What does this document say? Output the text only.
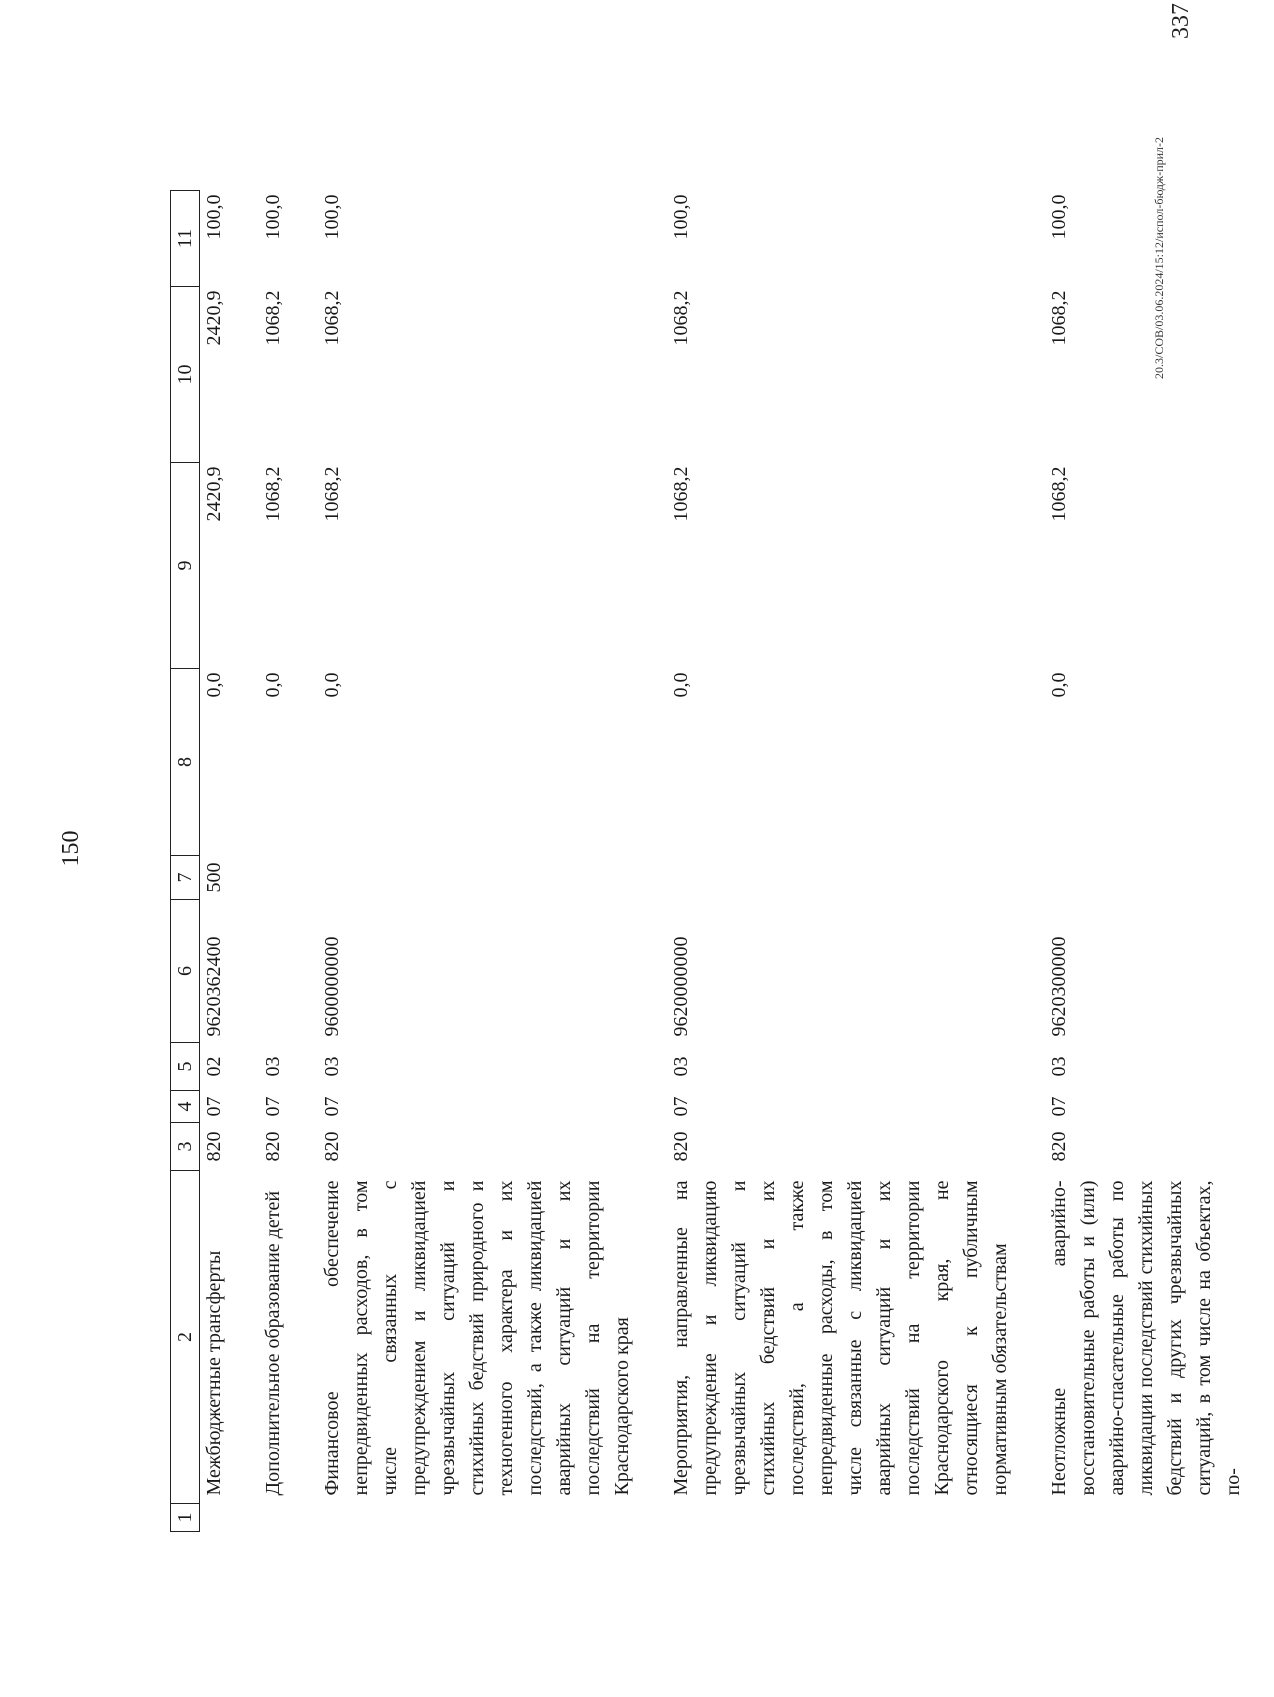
150
1	2	3	4	5	6	7	8	9	10	11
	Межбюджетные трансферты	820	07	02	9620362400	500	0,0	2420,9	2420,9	100,0
	Дополнительное образование детей	820	07	03			0,0	1068,2	1068,2	100,0
	Финансовое обеспечение непредвиденных расходов, в том числе связанных с предупреждением и ликвидацией чрезвычайных ситуаций и стихийных бедствий природного и техногенного характера и их последствий, а также ликвидацией аварийных ситуаций и их последствий на территории Краснодарского края	820	07	03	9600000000		0,0	1068,2	1068,2	100,0
	Мероприятия, направленные на предупреждение и ликвидацию чрезвычайных ситуаций и стихийных бедствий и их последствий, а также непредвиденные расходы, в том числе связанные с ликвидацией аварийных ситуаций и их последствий на территории Краснодарского края, не относящиеся к публичным нормативным обязательствам	820	07	03	9620000000		0,0	1068,2	1068,2	100,0
	Неотложные аварийно-восстановительные работы и (или) аварийно-спасательные работы по ликвидации последствий стихийных бедствий и других чрезвычайных ситуаций, в том числе на объектах, по-	820	07	03	9620300000		0,0	1068,2	1068,2	100,0	20.3/СОВ/03.06.2024/15:12/испол-бюдж-прил-2
337
